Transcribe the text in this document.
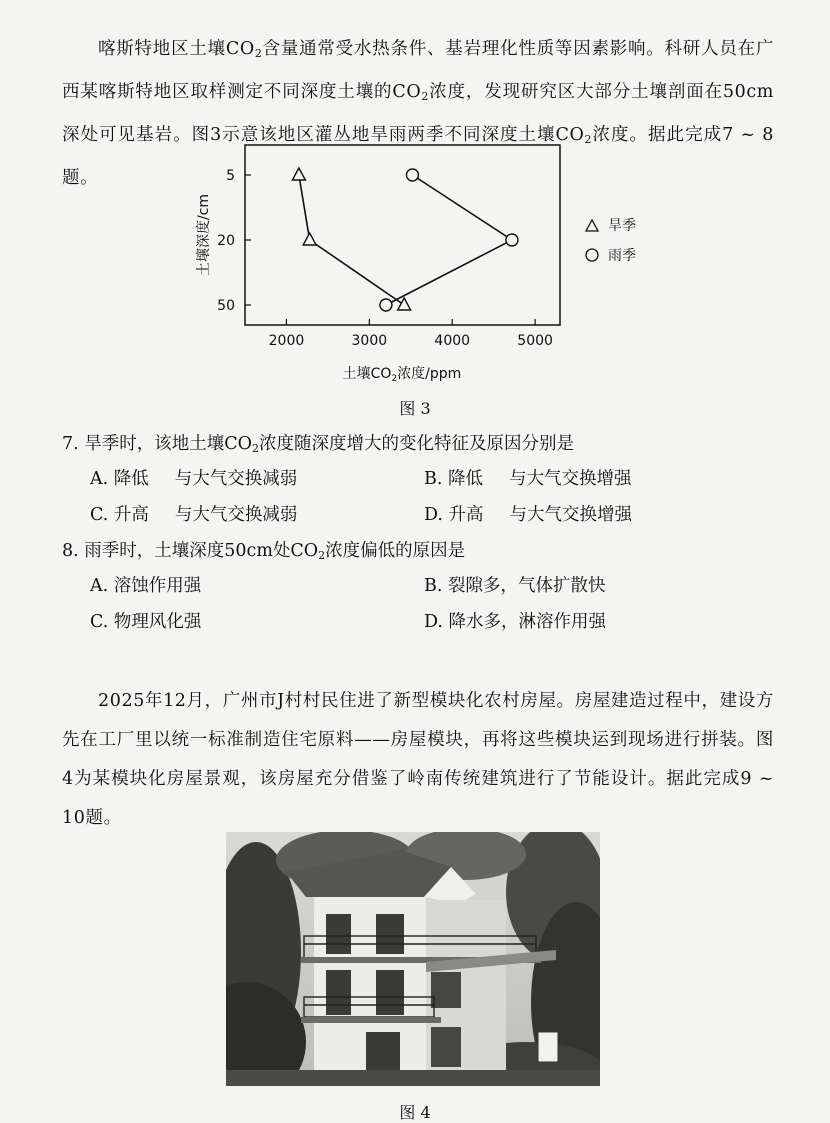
喀斯特地区土壤$CO_2$含量通常受水热条件、基岩理化性质等因素影响。科研人员在广西某喀斯特地区取样测定不同深度土壤的$CO_2$浓度，发现研究区大部分土壤剖面在50cm深处可见基岩。图3示意该地区灌丛地旱雨两季不同深度土壤$CO_2$浓度。据此完成7 ~ 8题。

2000	3000	4000	5000
5
20
50
土壤深度/cm
土壤$CO_2$浓度/ppm
旱季
雨季

图 3

7. 旱季时，该地土壤$CO_2$浓度随深度增大的变化特征及原因分别是

A. 降低 与大气交换减弱	B. 降低 与大气交换增强

C. 升高 与大气交换减弱	D. 升高 与大气交换增强

8. 雨季时，土壤深度50cm处$CO_2$浓度偏低的原因是

A. 溶蚀作用强	B. 裂隙多，气体扩散快

C. 物理风化强	D. 降水多，淋溶作用强

2025年12月，广州市J村村民住进了新型模块化农村房屋。房屋建造过程中，建设方先在工厂里以统一标准制造住宅原料——房屋模块，再将这些模块运到现场进行拼装。图4为某模块化房屋景观，该房屋充分借鉴了岭南传统建筑进行了节能设计。据此完成9 ~ 10题。

图 4
